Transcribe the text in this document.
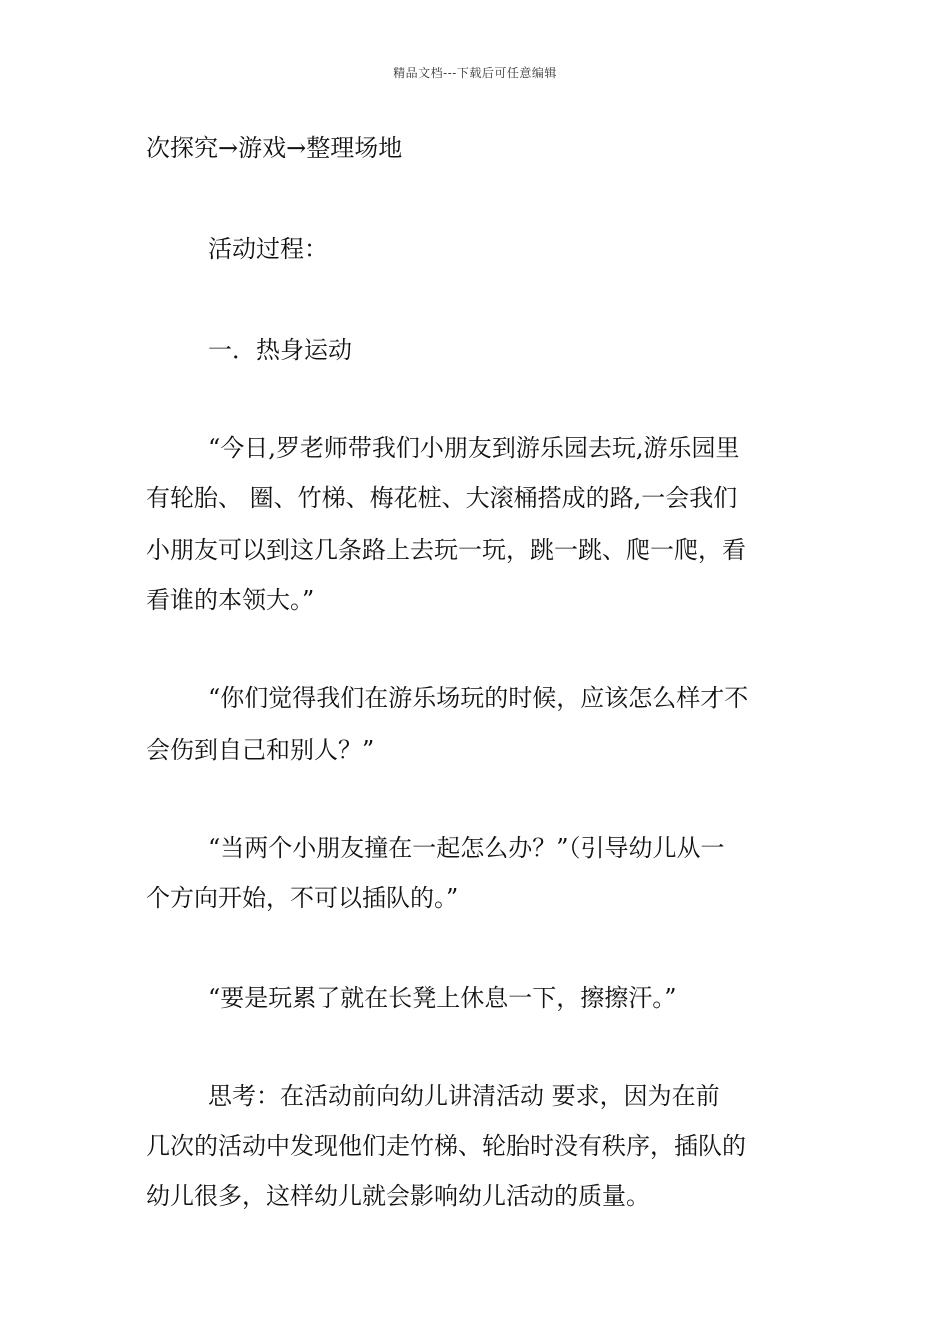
精品文档---下载后可任意编辑
次探究→游戏→整理场地
活动过程：
一．热身运动
“今日,罗老师带我们小朋友到游乐园去玩,游乐园里
有轮胎、 圈、竹梯、梅花桩、大滚桶搭成的路,一会我们
小朋友可以到这几条路上去玩一玩，跳一跳、爬一爬，看
看谁的本领大。”
“你们觉得我们在游乐场玩的时候，应该怎么样才不
会伤到自己和别人？”
“当两个小朋友撞在一起怎么办？”（引导幼儿从一
个方向开始，不可以插队的。”
“要是玩累了就在长凳上休息一下，擦擦汗。”
思考：在活动前向幼儿讲清活动 要求，因为在前
几次的活动中发现他们走竹梯、轮胎时没有秩序，插队的
幼儿很多，这样幼儿就会影响幼儿活动的质量。
